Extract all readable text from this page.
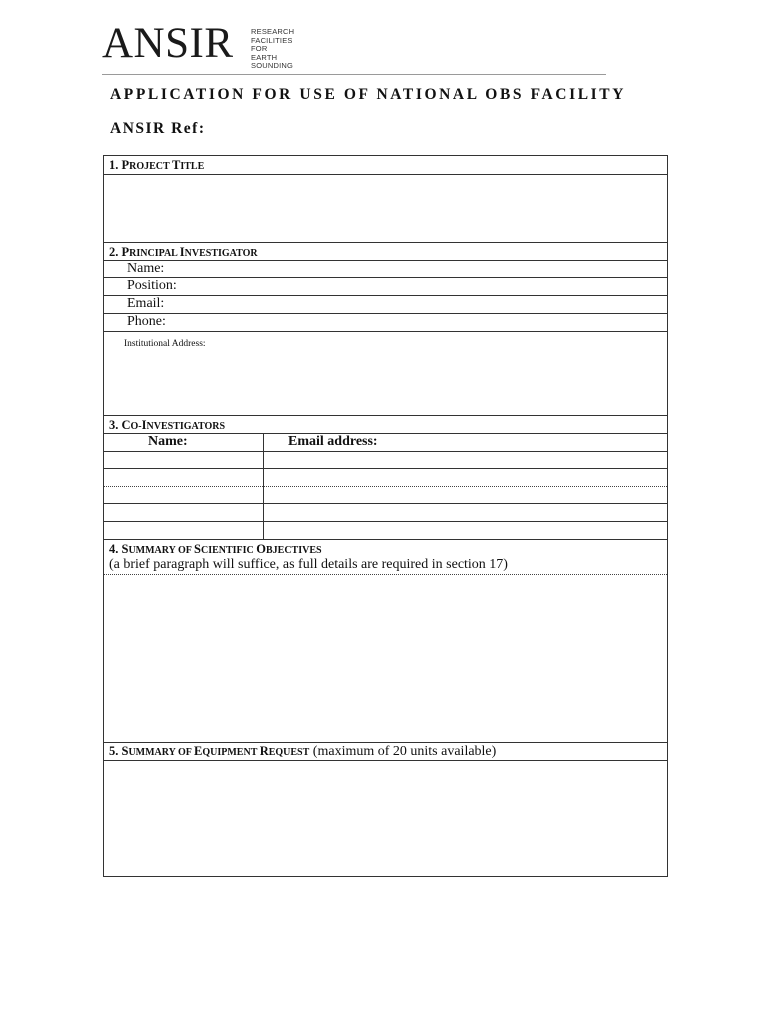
ANSIR RESEARCH
FACILITIES
FOR EARTH
SOUNDING
APPLICATION FOR USE OF NATIONAL OBS FACILITY
ANSIR Ref:
1. PROJECT TITLE
2. PRINCIPAL INVESTIGATOR
Name:
Position:
Email:
Phone:
Institutional Address:
3. CO-INVESTIGATORS
Name:	Email address:
4. SUMMARY OF SCIENTIFIC OBJECTIVES
(a brief paragraph will suffice, as full details are required in section 17)
5. SUMMARY OF EQUIPMENT REQUEST (maximum of 20 units available)
